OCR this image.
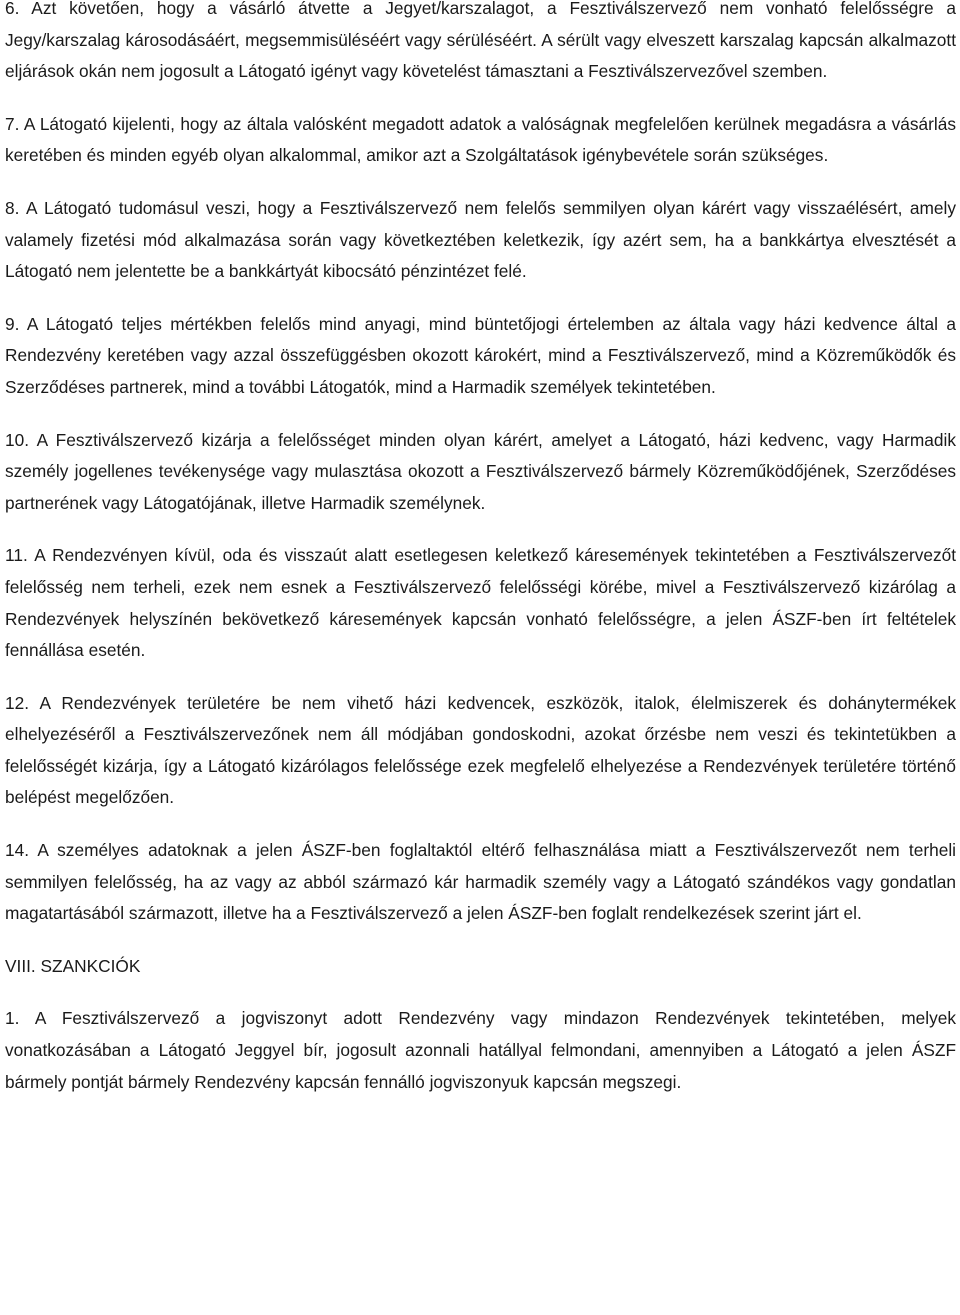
6. Azt követően, hogy a vásárló átvette a Jegyet/karszalagot, a Fesztiválszervező nem vonható felelősségre a Jegy/karszalag károsodásáért, megsemmisüléséért vagy sérüléséért. A sérült vagy elveszett karszalag kapcsán alkalmazott eljárások okán nem jogosult a Látogató igényt vagy követelést támasztani a Fesztiválszervezővel szemben.

7. A Látogató kijelenti, hogy az általa valósként megadott adatok a valóságnak megfelelően kerülnek megadásra a vásárlás keretében és minden egyéb olyan alkalommal, amikor azt a Szolgáltatások igénybevétele során szükséges.

8. A Látogató tudomásul veszi, hogy a Fesztiválszervező nem felelős semmilyen olyan kárért vagy visszaélésért, amely valamely fizetési mód alkalmazása során vagy következtében keletkezik, így azért sem, ha a bankkártya elvesztését a Látogató nem jelentette be a bankkártyát kibocsátó pénzintézet felé.

9. A Látogató teljes mértékben felelős mind anyagi, mind büntetőjogi értelemben az általa vagy házi kedvence által a Rendezvény keretében vagy azzal összefüggésben okozott károkért, mind a Fesztiválszervező, mind a Közreműködők és Szerződéses partnerek, mind a további Látogatók, mind a Harmadik személyek tekintetében.

10. A Fesztiválszervező kizárja a felelősséget minden olyan kárért, amelyet a Látogató, házi kedvenc, vagy Harmadik személy jogellenes tevékenysége vagy mulasztása okozott a Fesztiválszervező bármely Közreműködőjének, Szerződéses partnerének vagy Látogatójának, illetve Harmadik személynek.

11. A Rendezvényen kívül, oda és visszaút alatt esetlegesen keletkező káresemények tekintetében a Fesztiválszervezőt felelősség nem terheli, ezek nem esnek a Fesztiválszervező felelősségi körébe, mivel a Fesztiválszervező kizárólag a Rendezvények helyszínén bekövetkező káresemények kapcsán vonható felelősségre, a jelen ÁSZF-ben írt feltételek fennállása esetén.

12. A Rendezvények területére be nem vihető házi kedvencek, eszközök, italok, élelmiszerek és dohánytermékek elhelyezéséről a Fesztiválszervezőnek nem áll módjában gondoskodni, azokat őrzésbe nem veszi és tekintetükben a felelősségét kizárja, így a Látogató kizárólagos felelőssége ezek megfelelő elhelyezése a Rendezvények területére történő belépést megelőzően.

14. A személyes adatoknak a jelen ÁSZF-ben foglaltaktól eltérő felhasználása miatt a Fesztiválszervezőt nem terheli semmilyen felelősség, ha az vagy az abból származó kár harmadik személy vagy a Látogató szándékos vagy gondatlan magatartásából származott, illetve ha a Fesztiválszervező a jelen ÁSZF-ben foglalt rendelkezések szerint járt el.

VIII. SZANKCIÓK

1. A Fesztiválszervező a jogviszonyt adott Rendezvény vagy mindazon Rendezvények tekintetében, melyek vonatkozásában a Látogató Jeggyel bír, jogosult azonnali hatállyal felmondani, amennyiben a Látogató a jelen ÁSZF bármely pontját bármely Rendezvény kapcsán fennálló jogviszonyuk kapcsán megszegi.
